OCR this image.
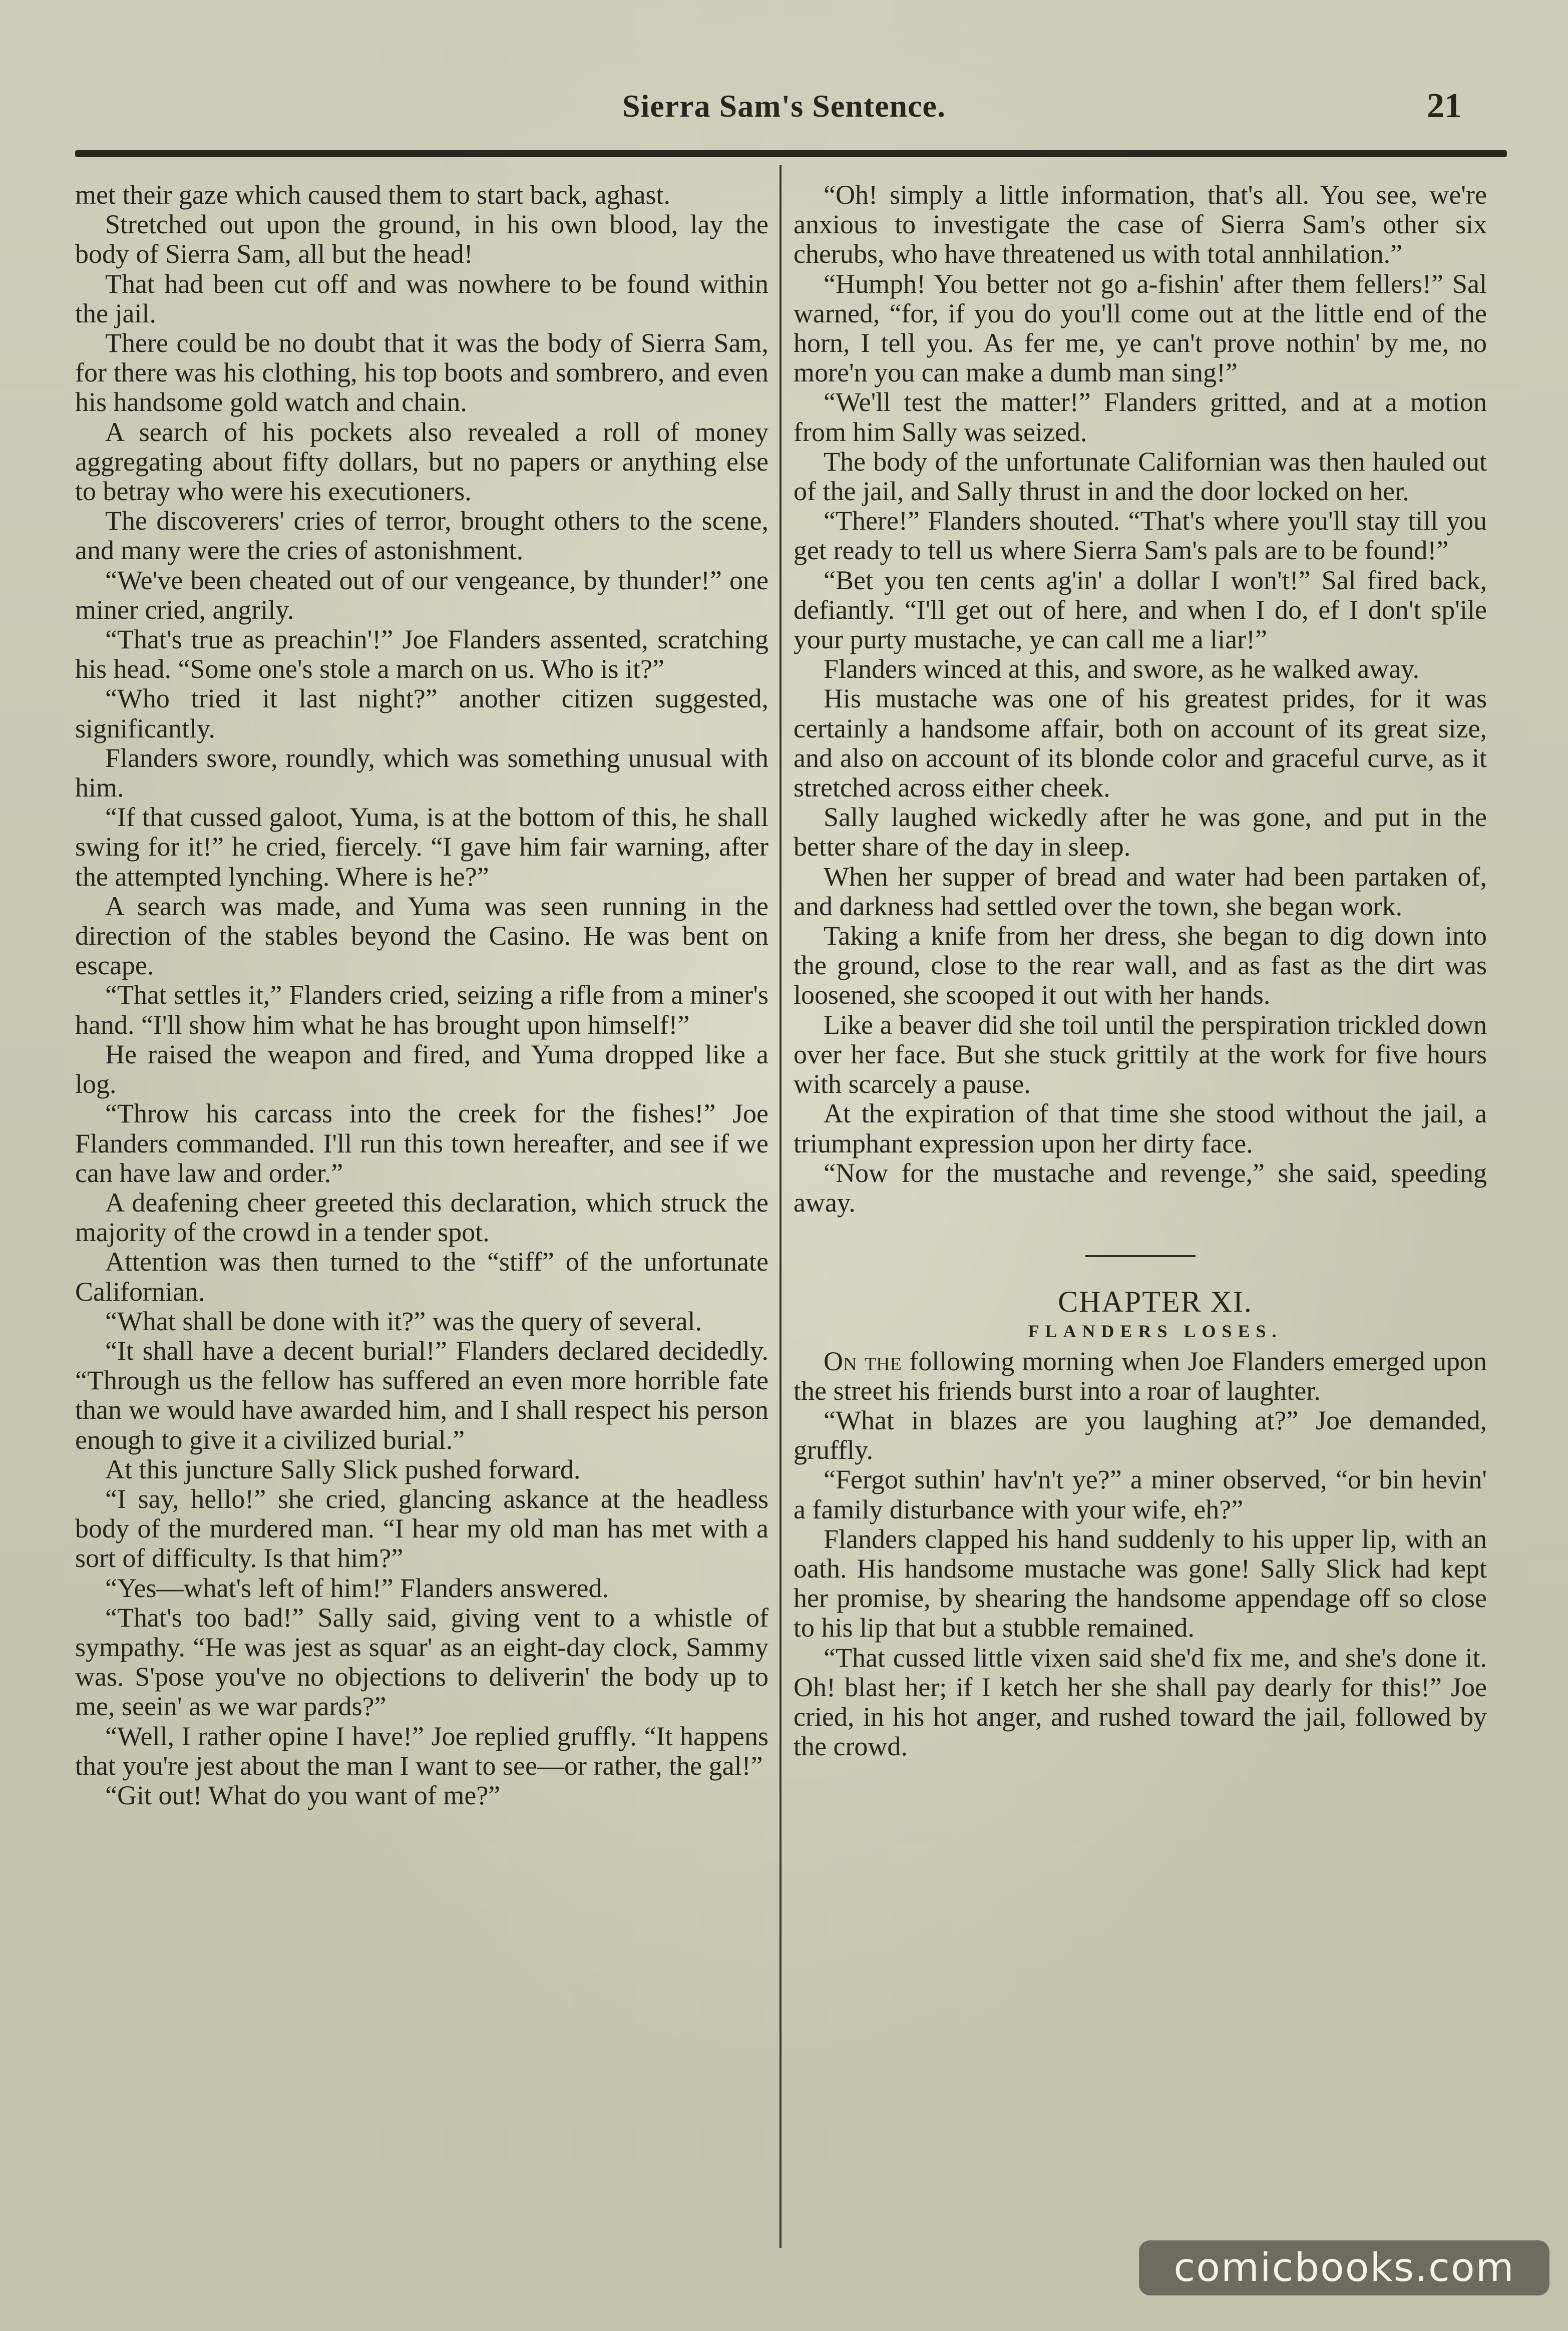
Sierra Sam's Sentence.	21

met their gaze which caused them to start back, aghast.

Stretched out upon the ground, in his own blood, lay the body of Sierra Sam, all but the head!

That had been cut off and was nowhere to be found within the jail.

There could be no doubt that it was the body of Sierra Sam, for there was his clothing, his top boots and sombrero, and even his handsome gold watch and chain.

A search of his pockets also revealed a roll of money aggregating about fifty dollars, but no papers or anything else to betray who were his executioners.

The discoverers' cries of terror, brought others to the scene, and many were the cries of astonishment.

“We've been cheated out of our vengeance, by thunder!” one miner cried, angrily.

“That's true as preachin'!” Joe Flanders assented, scratching his head. “Some one's stole a march on us. Who is it?”

“Who tried it last night?” another citizen suggested, significantly.

Flanders swore, roundly, which was something unusual with him.

“If that cussed galoot, Yuma, is at the bottom of this, he shall swing for it!” he cried, fiercely. “I gave him fair warning, after the attempted lynching. Where is he?”

A search was made, and Yuma was seen running in the direction of the stables beyond the Casino. He was bent on escape.

“That settles it,” Flanders cried, seizing a rifle from a miner's hand. “I'll show him what he has brought upon himself!”

He raised the weapon and fired, and Yuma dropped like a log.

“Throw his carcass into the creek for the fishes!” Joe Flanders commanded. I'll run this town hereafter, and see if we can have law and order.”

A deafening cheer greeted this declaration, which struck the majority of the crowd in a tender spot.

Attention was then turned to the “stiff” of the unfortunate Californian.

“What shall be done with it?” was the query of several.

“It shall have a decent burial!” Flanders declared decidedly. “Through us the fellow has suffered an even more horrible fate than we would have awarded him, and I shall respect his person enough to give it a civilized burial.”

At this juncture Sally Slick pushed forward.

“I say, hello!” she cried, glancing askance at the headless body of the murdered man. “I hear my old man has met with a sort of difficulty. Is that him?”

“Yes—what's left of him!” Flanders answered.

“That's too bad!” Sally said, giving vent to a whistle of sympathy. “He was jest as squar' as an eight-day clock, Sammy was. S'pose you've no objections to deliverin' the body up to me, seein' as we war pards?”

“Well, I rather opine I have!” Joe replied gruffly. “It happens that you're jest about the man I want to see—or rather, the gal!”

“Git out! What do you want of me?”

“Oh! simply a little information, that's all. You see, we're anxious to investigate the case of Sierra Sam's other six cherubs, who have threatened us with total annhilation.”

“Humph! You better not go a-fishin' after them fellers!” Sal warned, “for, if you do you'll come out at the little end of the horn, I tell you. As fer me, ye can't prove nothin' by me, no more'n you can make a dumb man sing!”

“We'll test the matter!” Flanders gritted, and at a motion from him Sally was seized.

The body of the unfortunate Californian was then hauled out of the jail, and Sally thrust in and the door locked on her.

“There!” Flanders shouted. “That's where you'll stay till you get ready to tell us where Sierra Sam's pals are to be found!”

“Bet you ten cents ag'in' a dollar I won't!” Sal fired back, defiantly. “I'll get out of here, and when I do, ef I don't sp'ile your purty mustache, ye can call me a liar!”

Flanders winced at this, and swore, as he walked away.

His mustache was one of his greatest prides, for it was certainly a handsome affair, both on account of its great size, and also on account of its blonde color and graceful curve, as it stretched across either cheek.

Sally laughed wickedly after he was gone, and put in the better share of the day in sleep.

When her supper of bread and water had been partaken of, and darkness had settled over the town, she began work.

Taking a knife from her dress, she began to dig down into the ground, close to the rear wall, and as fast as the dirt was loosened, she scooped it out with her hands.

Like a beaver did she toil until the perspiration trickled down over her face. But she stuck grittily at the work for five hours with scarcely a pause.

At the expiration of that time she stood without the jail, a triumphant expression upon her dirty face.

“Now for the mustache and revenge,” she said, speeding away.

CHAPTER XI.

FLANDERS LOSES.

On the following morning when Joe Flanders emerged upon the street his friends burst into a roar of laughter.

“What in blazes are you laughing at?” Joe demanded, gruffly.

“Fergot suthin' hav'n't ye?” a miner observed, “or bin hevin' a family disturbance with your wife, eh?”

Flanders clapped his hand suddenly to his upper lip, with an oath. His handsome mustache was gone! Sally Slick had kept her promise, by shearing the handsome appendage off so close to his lip that but a stubble remained.

“That cussed little vixen said she'd fix me, and she's done it. Oh! blast her; if I ketch her she shall pay dearly for this!” Joe cried, in his hot anger, and rushed toward the jail, followed by the crowd.

comicbooks.com
